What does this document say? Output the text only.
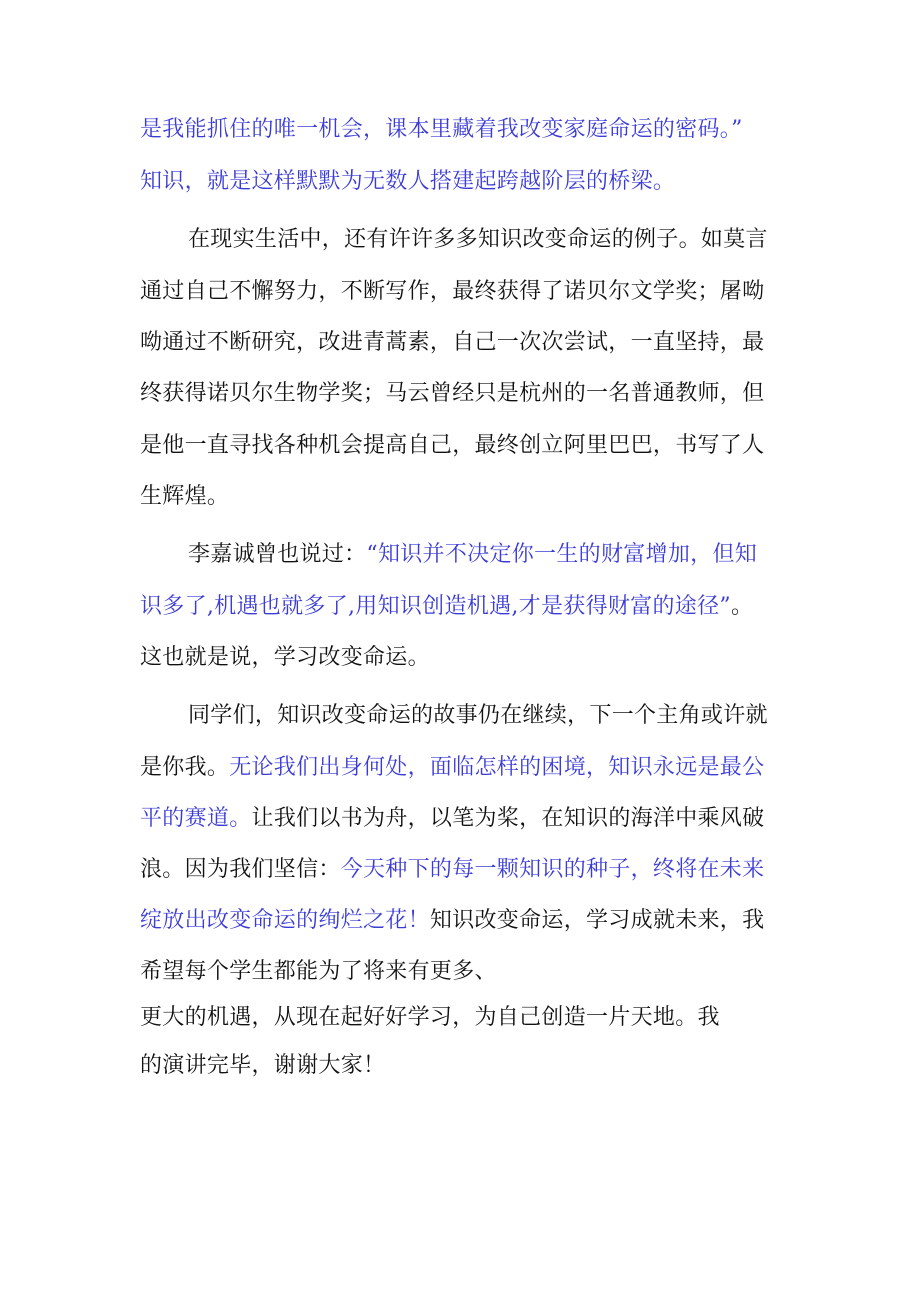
是我能抓住的唯一机会，课本里藏着我改变家庭命运的密码。”
知识，就是这样默默为无数人搭建起跨越阶层的桥梁。
在现实生活中，还有许许多多知识改变命运的例子。如莫言
通过自己不懈努力，不断写作，最终获得了诺贝尔文学奖；屠呦
呦通过不断研究，改进青蒿素，自己一次次尝试，一直坚持，最
终获得诺贝尔生物学奖；马云曾经只是杭州的一名普通教师，但
是他一直寻找各种机会提高自己，最终创立阿里巴巴，书写了人
生辉煌。
李嘉诚曾也说过：“知识并不决定你一生的财富增加，但知
识多了,机遇也就多了,用知识创造机遇,才是获得财富的途径”。
这也就是说，学习改变命运。
同学们，知识改变命运的故事仍在继续，下一个主角或许就
是你我。无论我们出身何处，面临怎样的困境，知识永远是最公
平的赛道。让我们以书为舟，以笔为桨，在知识的海洋中乘风破
浪。因为我们坚信：今天种下的每一颗知识的种子，终将在未来
绽放出改变命运的绚烂之花！知识改变命运，学习成就未来，我
希望每个学生都能为了将来有更多、
更大的机遇，从现在起好好学习，为自己创造一片天地。我
的演讲完毕，谢谢大家！
